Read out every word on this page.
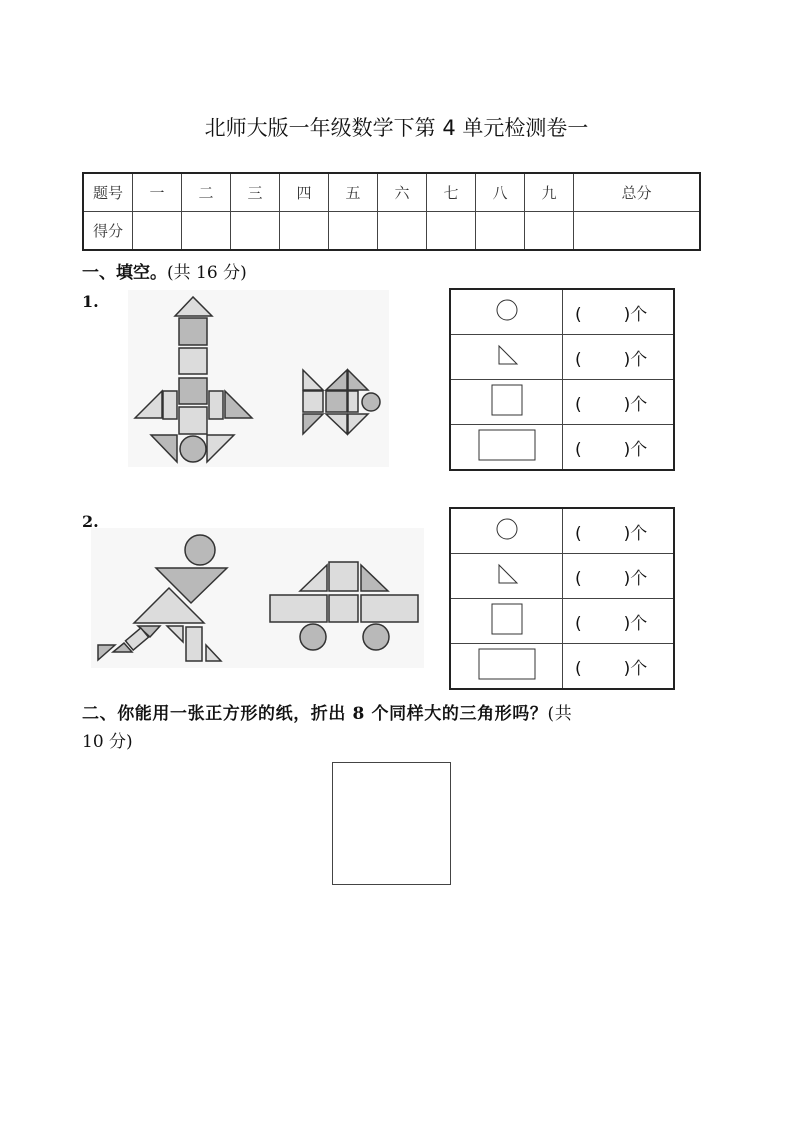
北师大版一年级数学下第 4 单元检测卷一
题号	一	二	三	四	五	六	七	八	九	总分
得分										
一、填空。(共 16 分)
1.
	( )个
	( )个
	( )个
	( )个
2.
	( )个
	( )个
	( )个
	( )个
二、你能用一张正方形的纸，折出 8 个同样大的三角形吗？(共
10 分)
